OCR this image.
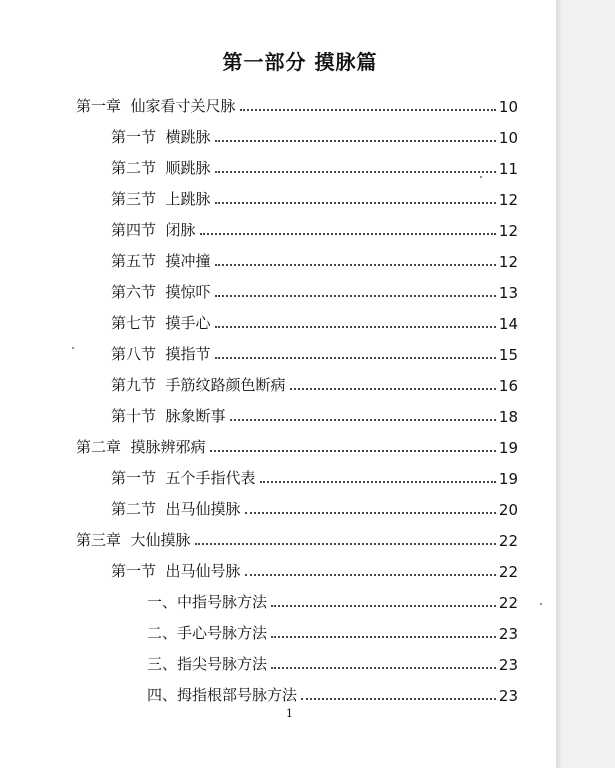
第一部分 摸脉篇
第一章  仙家看寸关尺脉	10
第一节  横跳脉	10
第二节  顺跳脉	11
第三节  上跳脉	12
第四节  闭脉	12
第五节  摸冲撞	12
第六节  摸惊吓	13
第七节  摸手心	14
第八节  摸指节	15
第九节  手筋纹路颜色断病	16
第十节  脉象断事	18
第二章  摸脉辨邪病	19
第一节  五个手指代表	19
第二节  出马仙摸脉	20
第三章  大仙摸脉	22
第一节  出马仙号脉	22
一、中指号脉方法	22
二、手心号脉方法	23
三、指尖号脉方法	23
四、拇指根部号脉方法	23
1
